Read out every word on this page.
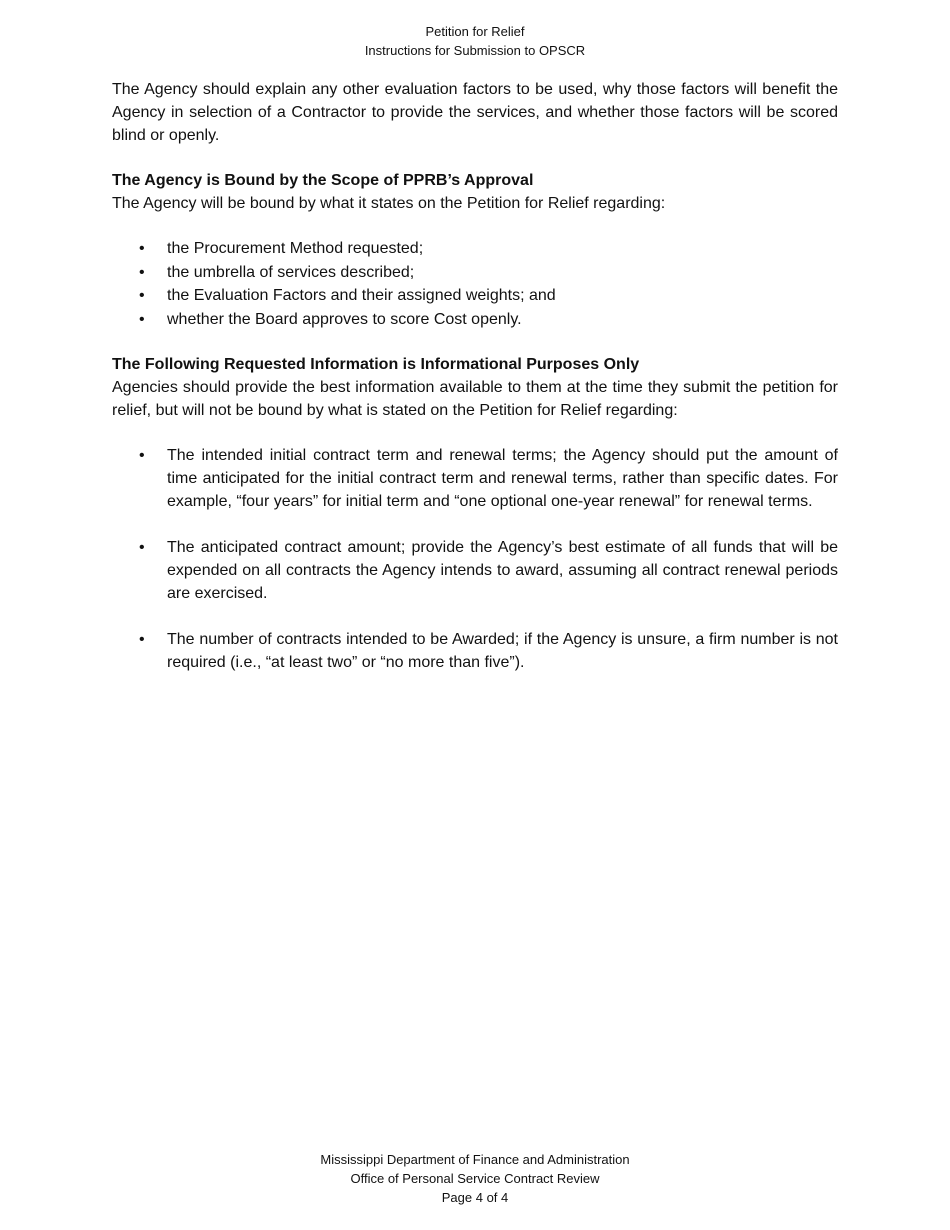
Petition for Relief
Instructions for Submission to OPSCR

The Agency should explain any other evaluation factors to be used, why those factors will benefit the Agency in selection of a Contractor to provide the services, and whether those factors will be scored blind or openly.

The Agency is Bound by the Scope of PPRB’s Approval

The Agency will be bound by what it states on the Petition for Relief regarding:

• the Procurement Method requested;
• the umbrella of services described;
• the Evaluation Factors and their assigned weights; and
• whether the Board approves to score Cost openly.

The Following Requested Information is Informational Purposes Only

Agencies should provide the best information available to them at the time they submit the petition for relief, but will not be bound by what is stated on the Petition for Relief regarding:

• The intended initial contract term and renewal terms; the Agency should put the amount of time anticipated for the initial contract term and renewal terms, rather than specific dates. For example, “four years” for initial term and “one optional one-year renewal” for renewal terms.
• The anticipated contract amount; provide the Agency’s best estimate of all funds that will be expended on all contracts the Agency intends to award, assuming all contract renewal periods are exercised.
• The number of contracts intended to be Awarded; if the Agency is unsure, a firm number is not required (i.e., “at least two” or “no more than five”).
Mississippi Department of Finance and Administration
Office of Personal Service Contract Review
Page 4 of 4
